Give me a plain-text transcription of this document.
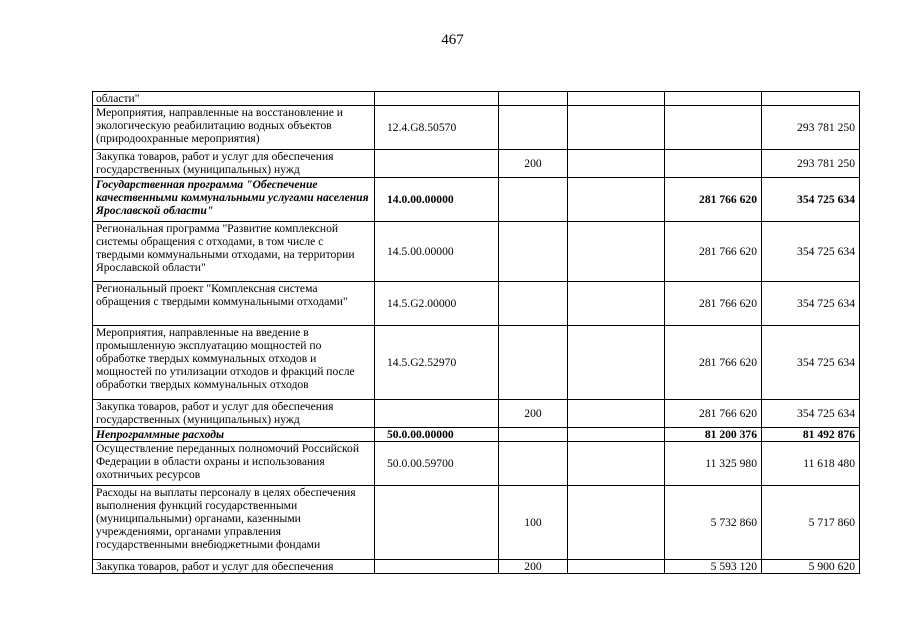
467
области"					
Мероприятия, направленные на восстановление и экологическую реабилитацию водных объектов (природоохранные мероприятия)	12.4.G8.50570				293 781 250
Закупка товаров, работ и услуг для обеспечения государственных (муниципальных) нужд		200			293 781 250
Государственная программа "Обеспечение качественными коммунальными услугами населения Ярославской области"	14.0.00.00000			281 766 620	354 725 634
Региональная программа "Развитие комплексной системы обращения с отходами, в том числе с твердыми коммунальными отходами, на территории Ярославской области"	14.5.00.00000			281 766 620	354 725 634
Региональный проект "Комплексная система обращения с твердыми коммунальными отходами"	14.5.G2.00000			281 766 620	354 725 634
Мероприятия, направленные на введение в промышленную эксплуатацию мощностей по обработке твердых коммунальных отходов и мощностей по утилизации отходов и фракций после обработки твердых коммунальных отходов	14.5.G2.52970			281 766 620	354 725 634
Закупка товаров, работ и услуг для обеспечения государственных (муниципальных) нужд		200		281 766 620	354 725 634
Непрограммные расходы	50.0.00.00000			81 200 376	81 492 876
Осуществление переданных полномочий Российской Федерации в области охраны и использования охотничьих ресурсов	50.0.00.59700			11 325 980	11 618 480
Расходы на выплаты персоналу в целях обеспечения выполнения функций государственными (муниципальными) органами, казенными учреждениями, органами управления государственными внебюджетными фондами		100		5 732 860	5 717 860
Закупка товаров, работ и услуг для обеспечения		200		5 593 120	5 900 620
